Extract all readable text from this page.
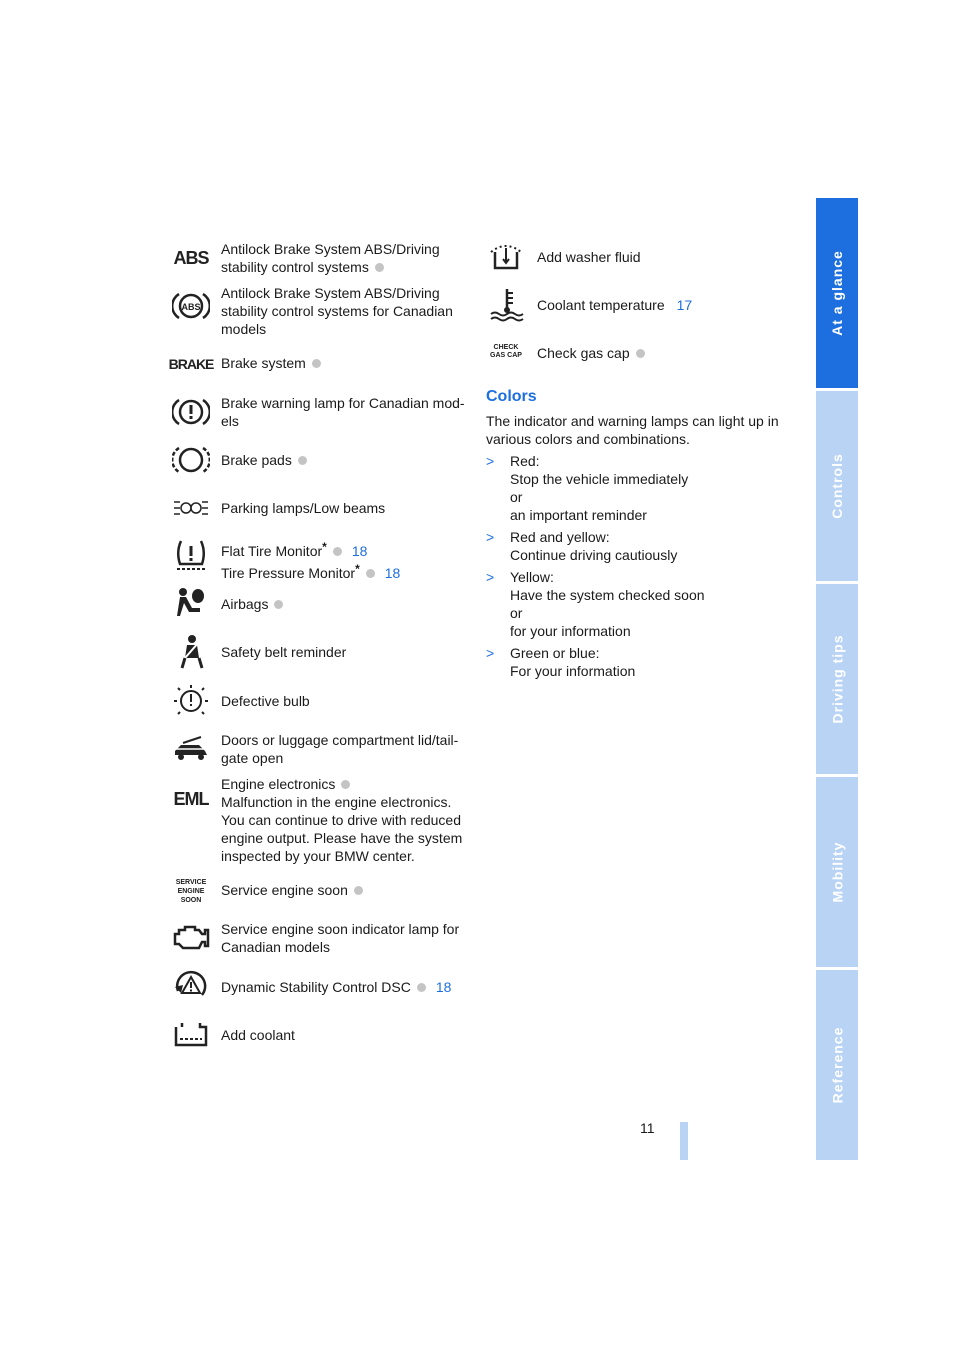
At a glance
Controls
Driving tips
Mobility
Reference
ABS Antilock Brake System ABS/Driving stability control systems
ABS
Antilock Brake System ABS/Driving stability control systems for Canadian models
BRAKE Brake system
Brake warning lamp for Canadian mod-els
Brake pads
Parking lamps/Low beams
Flat Tire Monitor* 18
Tire Pressure Monitor* 18
Airbags
Safety belt reminder
Defective bulb
Doors or luggage compartment lid/tail-gate open
EML
Engine electronics
Malfunction in the engine electronics. You can continue to drive with reduced engine output. Please have the system inspected by your BMW center.
SERVICE ENGINE SOON
Service engine soon
Service engine soon indicator lamp for Canadian models
Dynamic Stability Control DSC 18
Add coolant
Add washer fluid
Coolant temperature 17
CHECK GAS CAP Check gas cap
Colors
The indicator and warning lamps can light up in various colors and combinations.
> Red:
Stop the vehicle immediately
or
an important reminder
> Red and yellow:
Continue driving cautiously
> Yellow:
Have the system checked soon
or
for your information
> Green or blue:
For your information
11
